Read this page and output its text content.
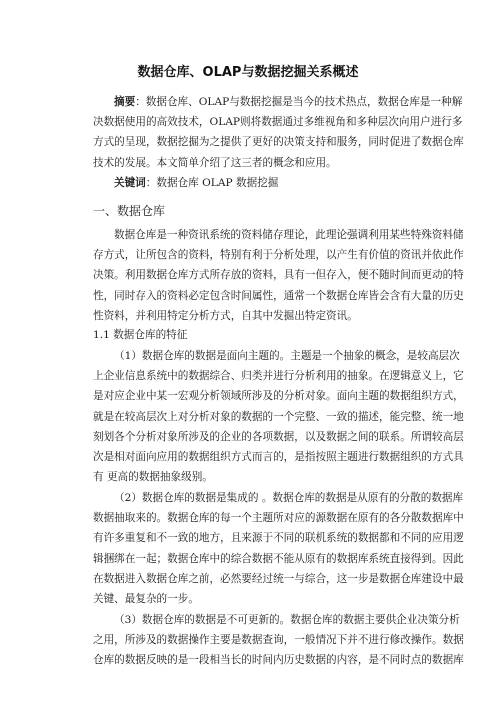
数据仓库、OLAP与数据挖掘关系概述
摘要：数据仓库、OLAP与数据挖掘是当今的技术热点，数据仓库是一种解
决数据使用的高效技术，OLAP则将数据通过多维视角和多种层次向用户进行多
方式的呈现，数据挖掘为之提供了更好的决策支持和服务，同时促进了数据仓库
技术的发展。本文简单介绍了这三者的概念和应用。
关键词：数据仓库 OLAP 数据挖掘
一、数据仓库
数据仓库是一种资讯系统的资料储存理论，此理论强调利用某些特殊资料储
存方式，让所包含的资料，特别有利于分析处理，以产生有价值的资讯并依此作
决策。利用数据仓库方式所存放的资料，具有一但存入，便不随时间而更动的特
性，同时存入的资料必定包含时间属性，通常一个数据仓库皆会含有大量的历史
性资料，并利用特定分析方式，自其中发掘出特定资讯。
1.1 数据仓库的特征
（1）数据仓库的数据是面向主题的。主题是一个抽象的概念，是较高层次
上企业信息系统中的数据综合、归类并进行分析利用的抽象。在逻辑意义上，它
是对应企业中某一宏观分析领域所涉及的分析对象。面向主题的数据组织方式，
就是在较高层次上对分析对象的数据的一个完整、一致的描述，能完整、统一地
刻划各个分析对象所涉及的企业的各项数据，以及数据之间的联系。所谓较高层
次是相对面向应用的数据组织方式而言的，是指按照主题进行数据组织的方式具
有 更高的数据抽象级别。
（2）数据仓库的数据是集成的 。数据仓库的数据是从原有的分散的数据库
数据抽取来的。数据仓库的每一个主题所对应的源数据在原有的各分散数据库中
有许多重复和不一致的地方，且来源于不同的联机系统的数据都和不同的应用逻
辑捆绑在一起；数据仓库中的综合数据不能从原有的数据库系统直接得到。因此
在数据进入数据仓库之前，必然要经过统一与综合，这一步是数据仓库建设中最
关键、最复杂的一步。
（3）数据仓库的数据是不可更新的。数据仓库的数据主要供企业决策分析
之用，所涉及的数据操作主要是数据查询，一般情况下并不进行修改操作。数据
仓库的数据反映的是一段相当长的时间内历史数据的内容，是不同时点的数据库
